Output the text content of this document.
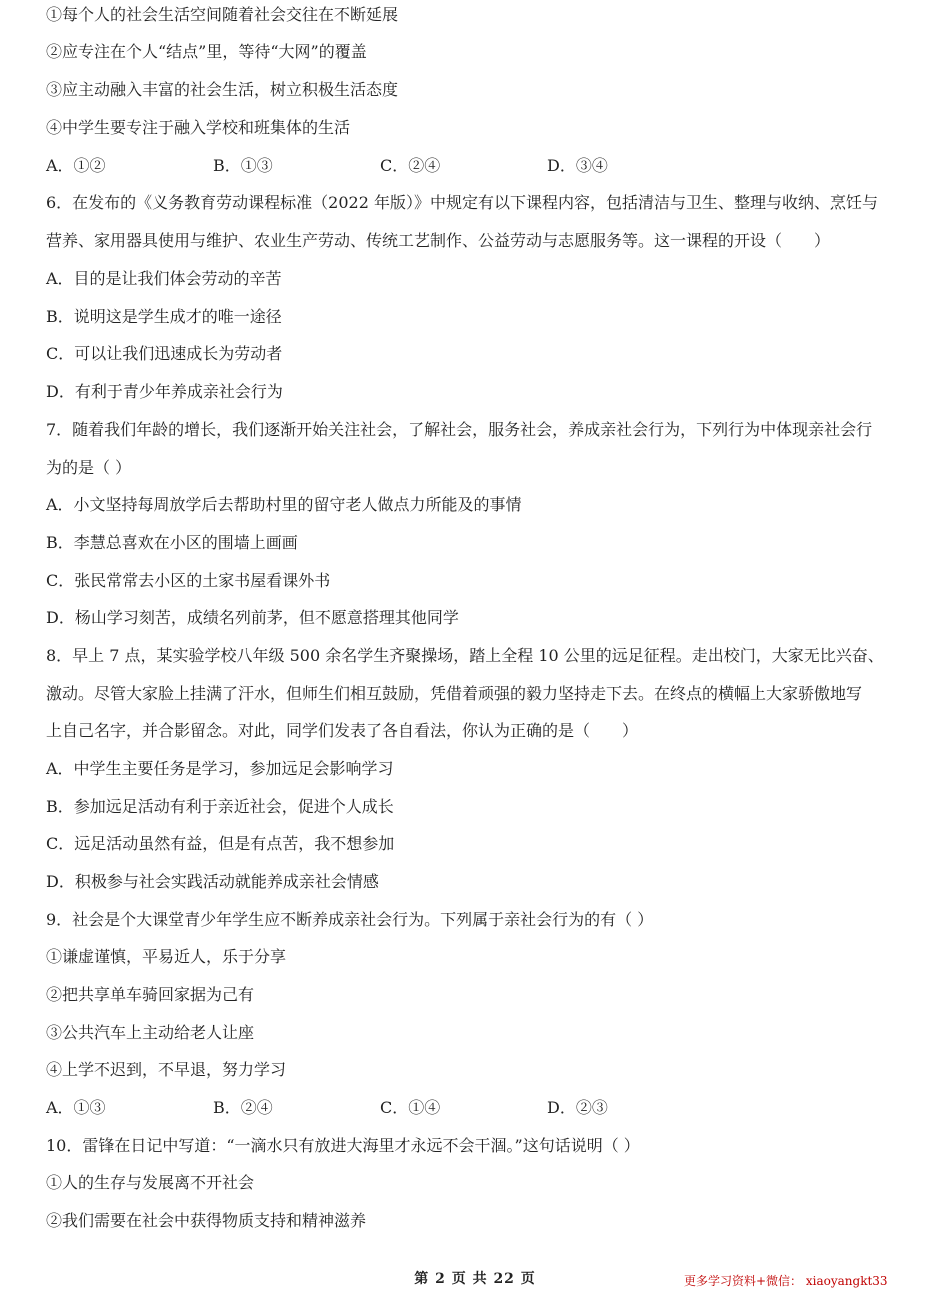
①每个人的社会生活空间随着社会交往在不断延展
②应专注在个人“结点”里，等待“大网”的覆盖
③应主动融入丰富的社会生活，树立积极生活态度
④中学生要专注于融入学校和班集体的生活
A．①②	B．①③	C．②④	D．③④
6．在发布的《义务教育劳动课程标准（2022 年版）》中规定有以下课程内容，包括清洁与卫生、整理与收纳、烹饪与
营养、家用器具使用与维护、农业生产劳动、传统工艺制作、公益劳动与志愿服务等。这一课程的开设（　　）
A．目的是让我们体会劳动的辛苦
B．说明这是学生成才的唯一途径
C．可以让我们迅速成长为劳动者
D．有利于青少年养成亲社会行为
7．随着我们年龄的增长，我们逐渐开始关注社会，了解社会，服务社会，养成亲社会行为，下列行为中体现亲社会行
为的是（ ）
A．小文坚持每周放学后去帮助村里的留守老人做点力所能及的事情
B．李慧总喜欢在小区的围墙上画画
C．张民常常去小区的土家书屋看课外书
D．杨山学习刻苦，成绩名列前茅，但不愿意搭理其他同学
8．早上 7 点，某实验学校八年级 500 余名学生齐聚操场，踏上全程 10 公里的远足征程。走出校门，大家无比兴奋、
激动。尽管大家脸上挂满了汗水，但师生们相互鼓励，凭借着顽强的毅力坚持走下去。在终点的横幅上大家骄傲地写
上自己名字，并合影留念。对此，同学们发表了各自看法，你认为正确的是（　　）
A．中学生主要任务是学习，参加远足会影响学习
B．参加远足活动有利于亲近社会，促进个人成长
C．远足活动虽然有益，但是有点苦，我不想参加
D．积极参与社会实践活动就能养成亲社会情感
9．社会是个大课堂青少年学生应不断养成亲社会行为。下列属于亲社会行为的有（ ）
①谦虚谨慎，平易近人，乐于分享
②把共享单车骑回家据为己有
③公共汽车上主动给老人让座
④上学不迟到，不早退，努力学习
A．①③	B．②④	C．①④	D．②③
10．雷锋在日记中写道：“一滴水只有放进大海里才永远不会干涸。”这句话说明（ ）
①人的生存与发展离不开社会
②我们需要在社会中获得物质支持和精神滋养
第 2 页 共 22 页	更多学习资料+微信： xiaoyangkt33
